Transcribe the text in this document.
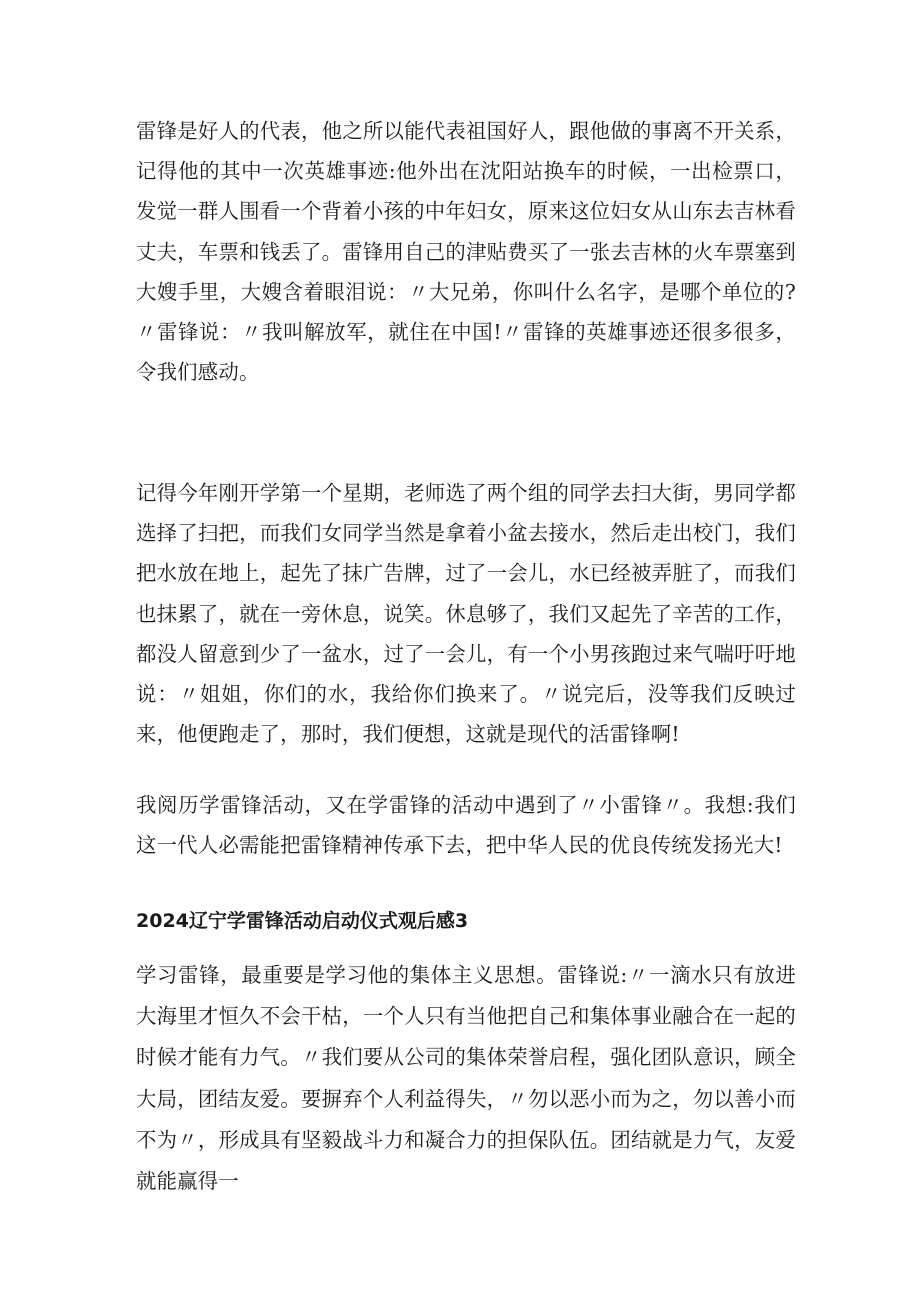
雷锋是好人的代表，他之所以能代表祖国好人，跟他做的事离不开关系，记得他的其中一次英雄事迹:他外出在沈阳站换车的时候，一出检票口，发觉一群人围看一个背着小孩的中年妇女，原来这位妇女从山东去吉林看丈夫，车票和钱丢了。雷锋用自己的津贴费买了一张去吉林的火车票塞到大嫂手里，大嫂含着眼泪说：〃大兄弟，你叫什么名字，是哪个单位的?〃雷锋说：〃我叫解放军，就住在中国!〃雷锋的英雄事迹还很多很多，令我们感动。

记得今年刚开学第一个星期，老师选了两个组的同学去扫大街，男同学都选择了扫把，而我们女同学当然是拿着小盆去接水，然后走出校门，我们把水放在地上，起先了抹广告牌，过了一会儿，水已经被弄脏了，而我们也抹累了，就在一旁休息，说笑。休息够了，我们又起先了辛苦的工作，都没人留意到少了一盆水，过了一会儿，有一个小男孩跑过来气喘吁吁地说：〃姐姐，你们的水，我给你们换来了。〃说完后，没等我们反映过来，他便跑走了，那时，我们便想，这就是现代的活雷锋啊!

我阅历学雷锋活动，又在学雷锋的活动中遇到了〃小雷锋〃。我想:我们这一代人必需能把雷锋精神传承下去，把中华人民的优良传统发扬光大!

2024辽宁学雷锋活动启动仪式观后感3

学习雷锋，最重要是学习他的集体主义思想。雷锋说:〃一滴水只有放进大海里才恒久不会干枯，一个人只有当他把自己和集体事业融合在一起的时候才能有力气。〃我们要从公司的集体荣誉启程，强化团队意识，顾全大局，团结友爱。要摒弃个人利益得失，〃勿以恶小而为之，勿以善小而不为〃，形成具有坚毅战斗力和凝合力的担保队伍。团结就是力气，友爱就能赢得一
